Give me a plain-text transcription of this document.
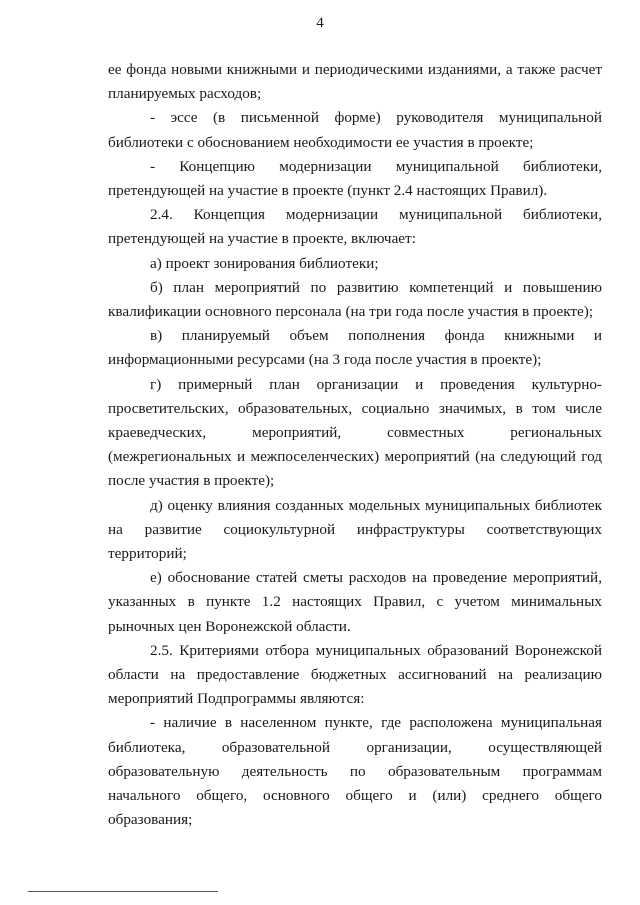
4

ее фонда новыми книжными и периодическими изданиями, а также расчет планируемых расходов;

- эссе (в письменной форме) руководителя муниципальной библиотеки с обоснованием необходимости ее участия в проекте;

- Концепцию модернизации муниципальной библиотеки, претендующей на участие в проекте (пункт 2.4 настоящих Правил).

2.4. Концепция модернизации муниципальной библиотеки, претендующей на участие в проекте, включает:

а) проект зонирования библиотеки;

б) план мероприятий по развитию компетенций и повышению квалификации основного персонала (на три года после участия в проекте);

в) планируемый объем пополнения фонда книжными и информационными ресурсами (на 3 года после участия в проекте);

г) примерный план организации и проведения культурно-просветительских, образовательных, социально значимых, в том числе краеведческих, мероприятий, совместных региональных (межрегиональных и межпоселенческих) мероприятий (на следующий год после участия в проекте);

д) оценку влияния созданных модельных муниципальных библиотек на развитие социокультурной инфраструктуры соответствующих территорий;

е) обоснование статей сметы расходов на проведение мероприятий, указанных в пункте 1.2 настоящих Правил, с учетом минимальных рыночных цен Воронежской области.

2.5. Критериями отбора муниципальных образований Воронежской области на предоставление бюджетных ассигнований на реализацию мероприятий Подпрограммы являются:

- наличие в населенном пункте, где расположена муниципальная библиотека, образовательной организации, осуществляющей образовательную деятельность по образовательным программам начального общего, основного общего и (или) среднего общего образования;
